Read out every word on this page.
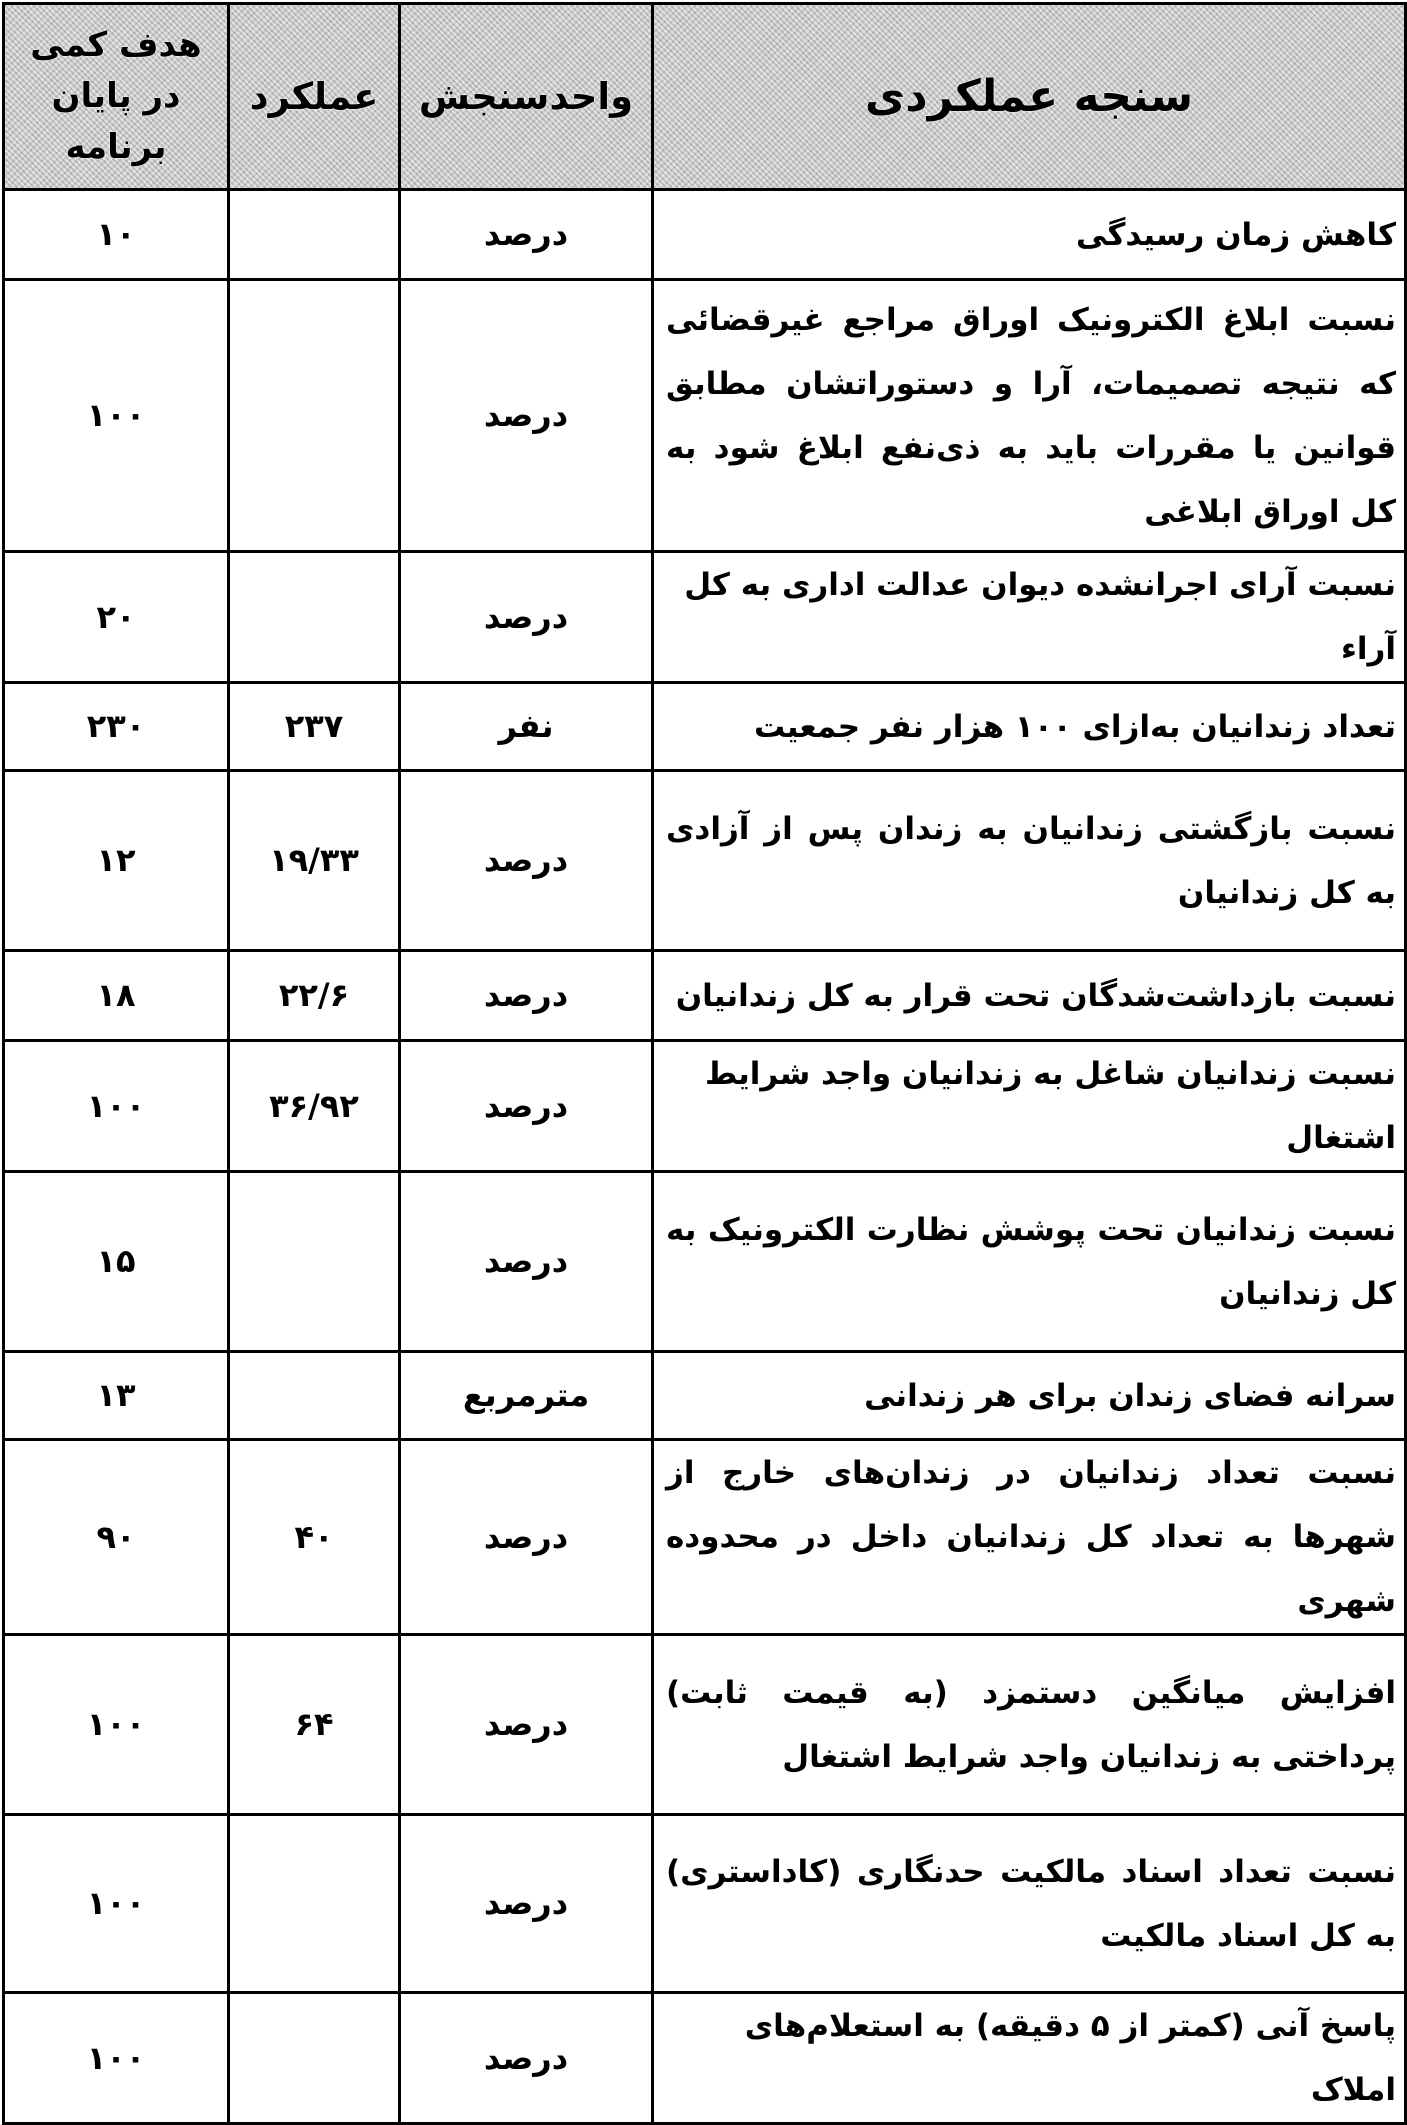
سنجه عملکردی	واحدسنجش	عملکرد	هدف کمی
در پایان برنامه
کاهش زمان رسیدگی	درصد		۱۰
نسبت ابلاغ الکترونیک اوراق مراجع غیرقضائی که نتیجه تصمیمات، آرا و دستوراتشان مطابق قوانین یا مقررات باید به ذی‌نفع ابلاغ شود به کل اوراق ابلاغی	درصد		۱۰۰
نسبت آرای اجرانشده دیوان عدالت اداری به کل آراء	درصد		۲۰
تعداد زندانیان به‌ازای ۱۰۰ هزار نفر جمعیت	نفر	۲۳۷	۲۳۰
نسبت بازگشتی زندانیان به زندان پس از آزادی به کل زندانیان	درصد	۱۹/۳۳	۱۲
نسبت بازداشت‌شدگان تحت قرار به کل زندانیان	درصد	۲۲/۶	۱۸
نسبت زندانیان شاغل به زندانیان واجد شرایط اشتغال	درصد	۳۶/۹۲	۱۰۰
نسبت زندانیان تحت پوشش نظارت الکترونیک به کل زندانیان	درصد		۱۵
سرانه فضای زندان برای هر زندانی	مترمربع		۱۳
نسبت تعداد زندانیان در زندان‌های خارج از شهرها به تعداد کل زندانیان داخل در محدوده شهری	درصد	۴۰	۹۰
افزایش میانگین دستمزد (به قیمت ثابت) پرداختی به زندانیان واجد شرایط اشتغال	درصد	۶۴	۱۰۰
نسبت تعداد اسناد مالکیت حدنگاری (کاداستری) به کل اسناد مالکیت	درصد		۱۰۰
پاسخ آنی (کمتر از ۵ دقیقه) به استعلام‌های املاک	درصد		۱۰۰
